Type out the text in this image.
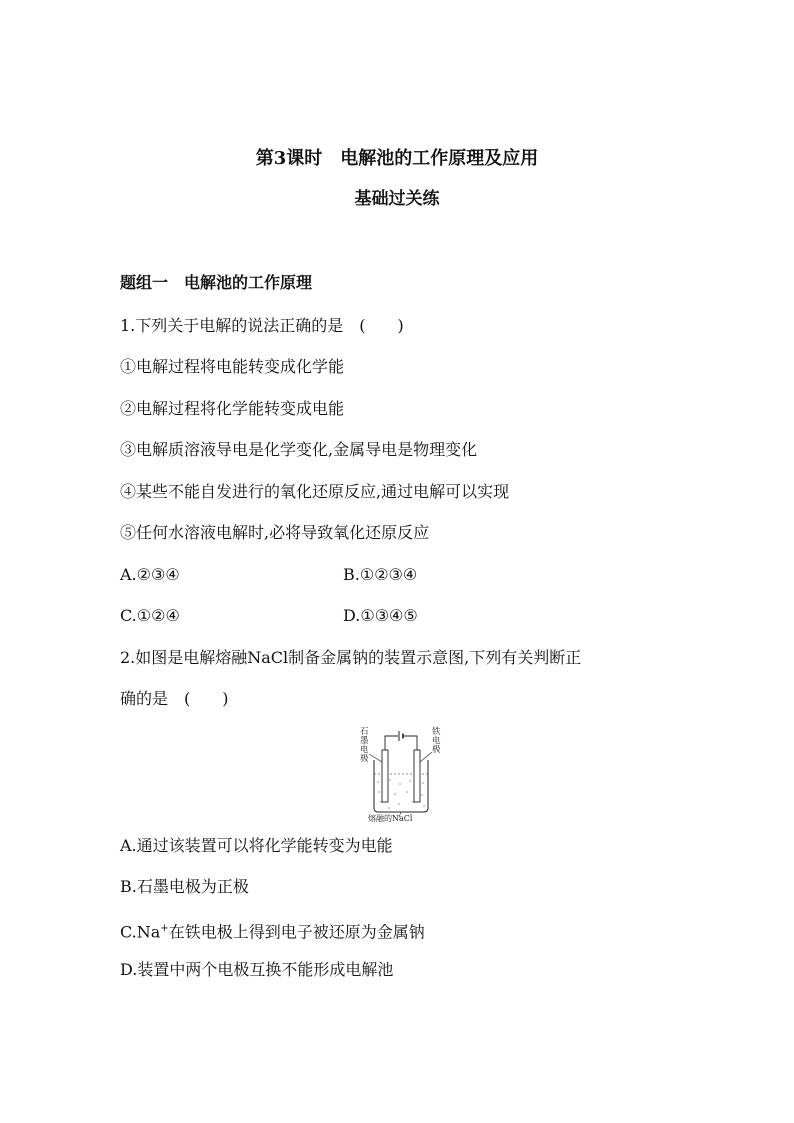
第3课时　电解池的工作原理及应用
基础过关练
题组一　电解池的工作原理
1.下列关于电解的说法正确的是　(　　)
①电解过程将电能转变成化学能
②电解过程将化学能转变成电能
③电解质溶液导电是化学变化,金属导电是物理变化
④某些不能自发进行的氧化还原反应,通过电解可以实现
⑤任何水溶液电解时,必将导致氧化还原反应
A.②③④	B.①②③④
C.①②④	D.①③④⑤
2.如图是电解熔融NaCl制备金属钠的装置示意图,下列有关判断正
确的是　(　　)
石
墨
电
极
铁
电
极
熔融的NaCl
A.通过该装置可以将化学能转变为电能
B.石墨电极为正极
C.Na+在铁电极上得到电子被还原为金属钠
D.装置中两个电极互换不能形成电解池
